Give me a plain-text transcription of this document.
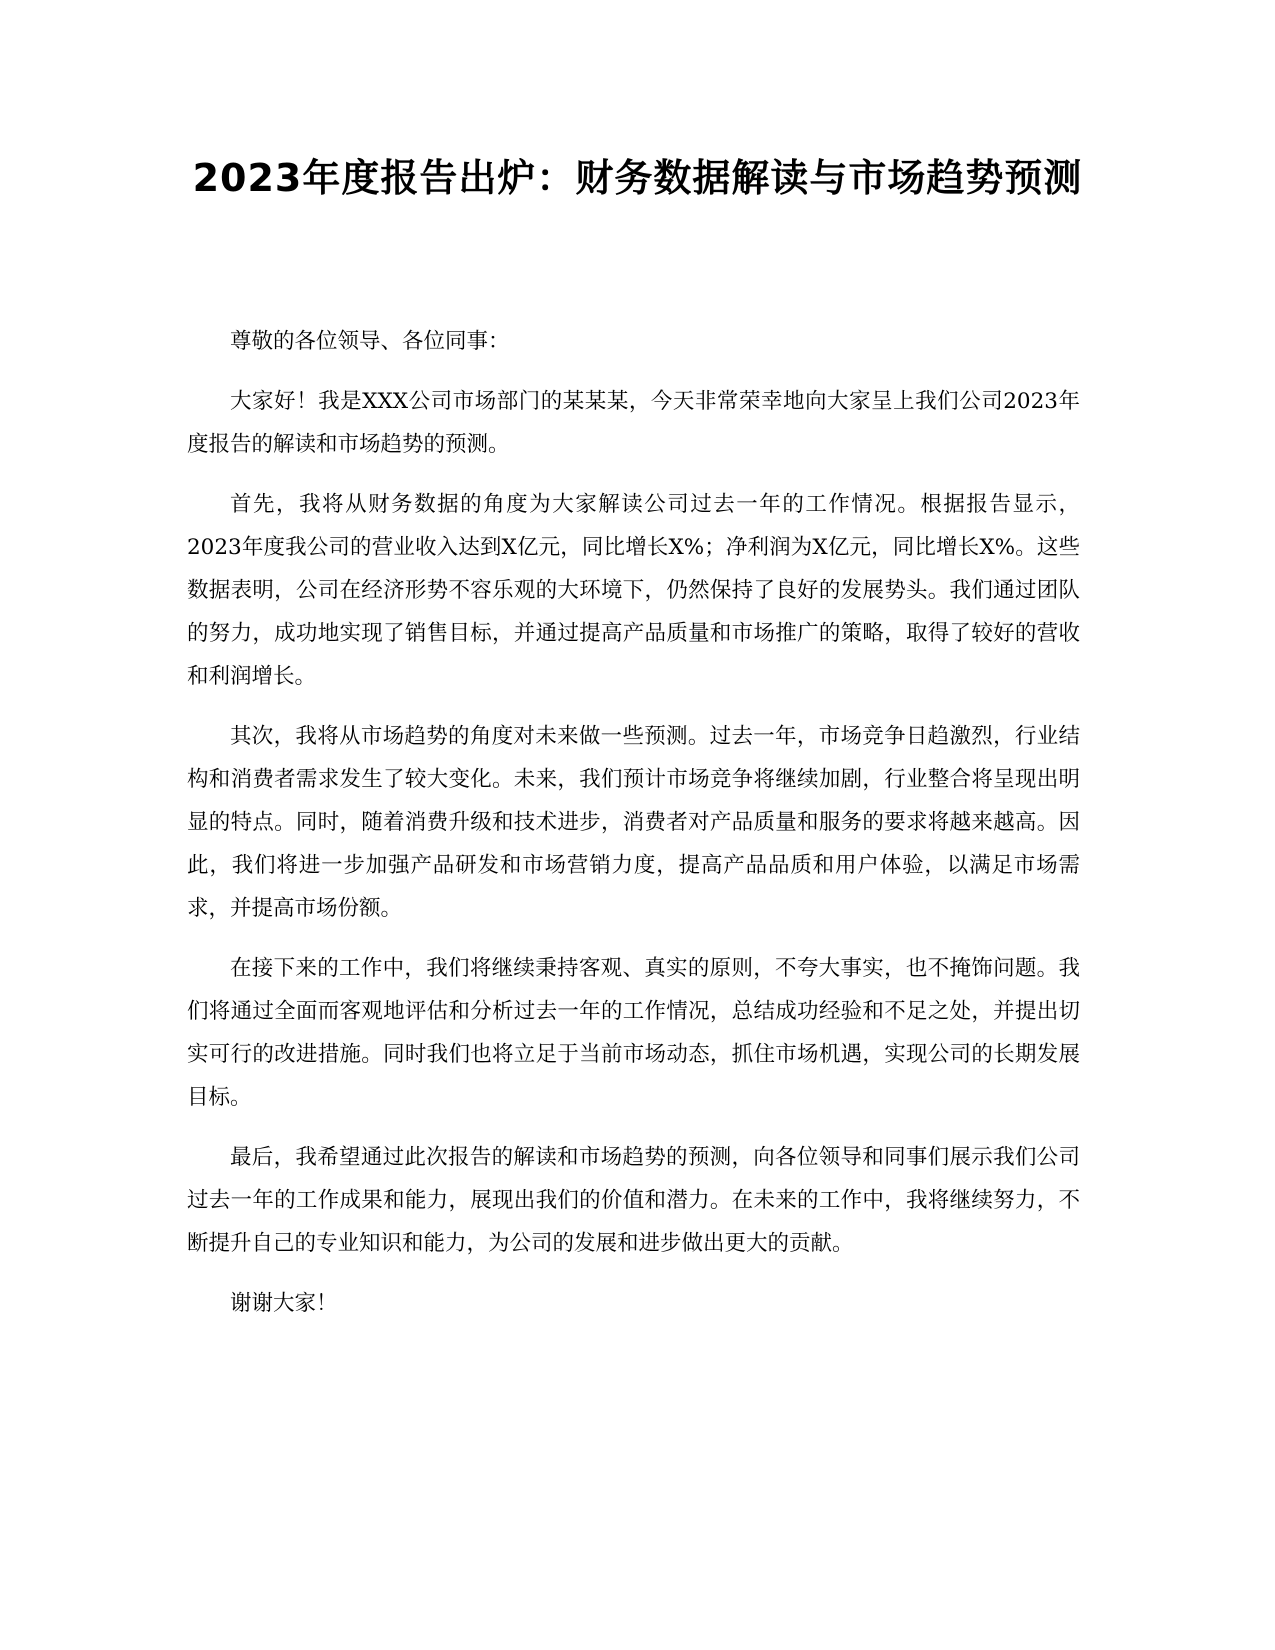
2023年度报告出炉：财务数据解读与市场趋势预测

尊敬的各位领导、各位同事：

大家好！我是XXX公司市场部门的某某某，今天非常荣幸地向大家呈上我们公司2023年度报告的解读和市场趋势的预测。

首先，我将从财务数据的角度为大家解读公司过去一年的工作情况。根据报告显示，2023年度我公司的营业收入达到X亿元，同比增长X%；净利润为X亿元，同比增长X%。这些数据表明，公司在经济形势不容乐观的大环境下，仍然保持了良好的发展势头。我们通过团队的努力，成功地实现了销售目标，并通过提高产品质量和市场推广的策略，取得了较好的营收和利润增长。

其次，我将从市场趋势的角度对未来做一些预测。过去一年，市场竞争日趋激烈，行业结构和消费者需求发生了较大变化。未来，我们预计市场竞争将继续加剧，行业整合将呈现出明显的特点。同时，随着消费升级和技术进步，消费者对产品质量和服务的要求将越来越高。因此，我们将进一步加强产品研发和市场营销力度，提高产品品质和用户体验，以满足市场需求，并提高市场份额。

在接下来的工作中，我们将继续秉持客观、真实的原则，不夸大事实，也不掩饰问题。我们将通过全面而客观地评估和分析过去一年的工作情况，总结成功经验和不足之处，并提出切实可行的改进措施。同时我们也将立足于当前市场动态，抓住市场机遇，实现公司的长期发展目标。

最后，我希望通过此次报告的解读和市场趋势的预测，向各位领导和同事们展示我们公司过去一年的工作成果和能力，展现出我们的价值和潜力。在未来的工作中，我将继续努力，不断提升自己的专业知识和能力，为公司的发展和进步做出更大的贡献。

谢谢大家！
